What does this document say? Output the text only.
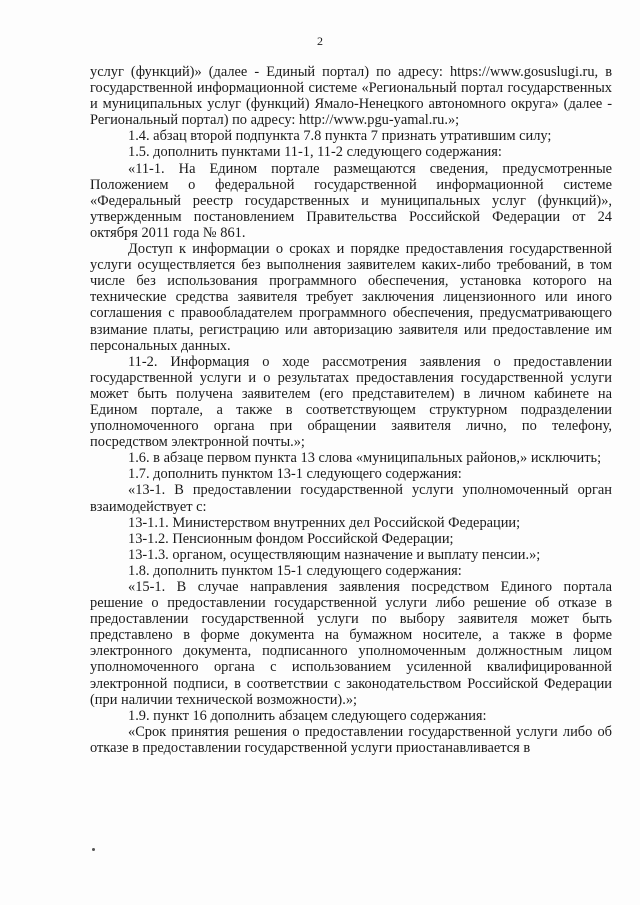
2

услуг (функций)» (далее - Единый портал) по адресу: https://www.gosuslugi.ru, в государственной информационной системе «Региональный портал государственных и муниципальных услуг (функций) Ямало-Ненецкого автономного округа» (далее - Региональный портал) по адресу: http://www.pgu-yamal.ru.»;

1.4. абзац второй подпункта 7.8 пункта 7 признать утратившим силу;

1.5. дополнить пунктами 11-1, 11-2 следующего содержания:

«11-1. На Едином портале размещаются сведения, предусмотренные Положением о федеральной государственной информационной системе «Федеральный реестр государственных и муниципальных услуг (функций)», утвержденным постановлением Правительства Российской Федерации от 24 октября 2011 года № 861.

Доступ к информации о сроках и порядке предоставления государственной услуги осуществляется без выполнения заявителем каких-либо требований, в том числе без использования программного обеспечения, установка которого на технические средства заявителя требует заключения лицензионного или иного соглашения с правообладателем программного обеспечения, предусматривающего взимание платы, регистрацию или авторизацию заявителя или предоставление им персональных данных.

11-2. Информация о ходе рассмотрения заявления о предоставлении государственной услуги и о результатах предоставления государственной услуги может быть получена заявителем (его представителем) в личном кабинете на Едином портале, а также в соответствующем структурном подразделении уполномоченного органа при обращении заявителя лично, по телефону, посредством электронной почты.»;

1.6. в абзаце первом пункта 13 слова «муниципальных районов,» исключить;

1.7. дополнить пунктом 13-1 следующего содержания:

«13-1. В предоставлении государственной услуги уполномоченный орган взаимодействует с:

13-1.1. Министерством внутренних дел Российской Федерации;

13-1.2. Пенсионным фондом Российской Федерации;

13-1.3. органом, осуществляющим назначение и выплату пенсии.»;

1.8. дополнить пунктом 15-1 следующего содержания:

«15-1. В случае направления заявления посредством Единого портала решение о предоставлении государственной услуги либо решение об отказе в предоставлении государственной услуги по выбору заявителя может быть представлено в форме документа на бумажном носителе, а также в форме электронного документа, подписанного уполномоченным должностным лицом уполномоченного органа с использованием усиленной квалифицированной электронной подписи, в соответствии с законодательством Российской Федерации (при наличии технической возможности).»;

1.9. пункт 16 дополнить абзацем следующего содержания:

«Срок принятия решения о предоставлении государственной услуги либо об отказе в предоставлении государственной услуги приостанавливается в
